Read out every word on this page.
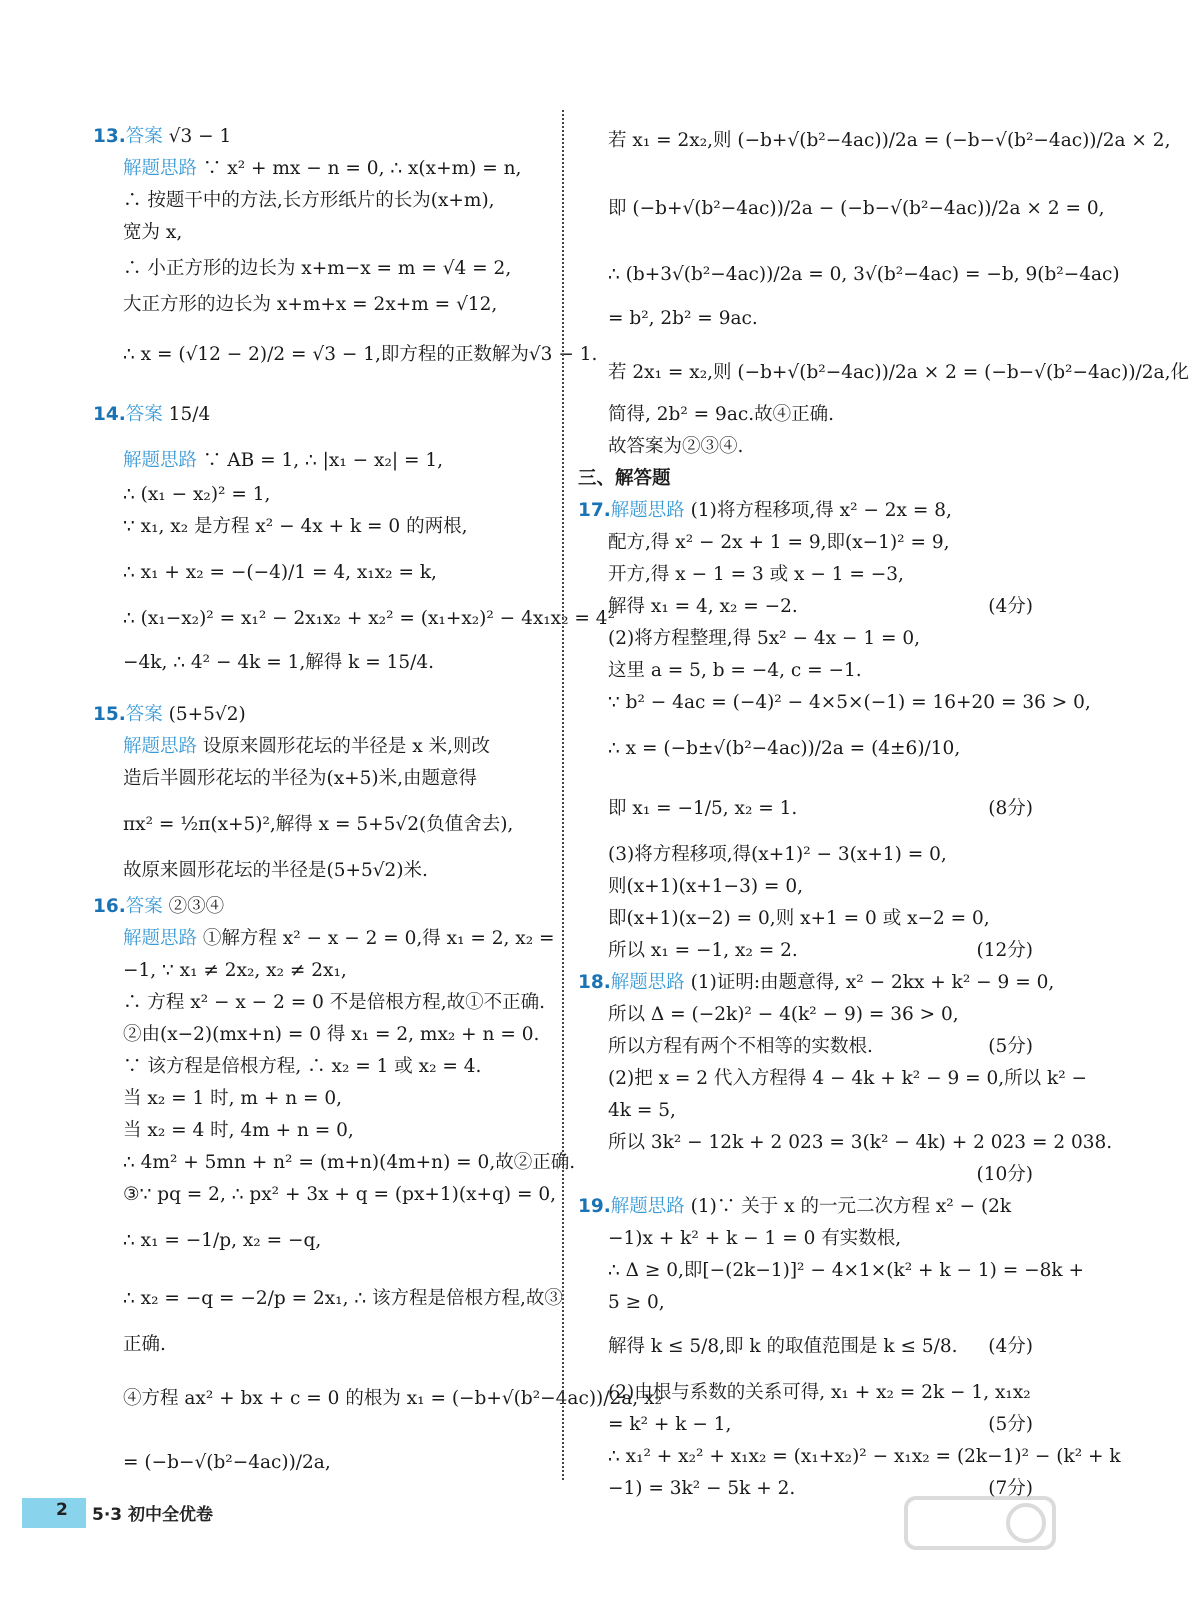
13.答案 √3 − 1
解题思路 ∵ x² + mx − n = 0, ∴ x(x+m) = n,
∴ 按题干中的方法,长方形纸片的长为(x+m),
宽为 x,
∴ 小正方形的边长为 x+m−x = m = √4 = 2,
大正方形的边长为 x+m+x = 2x+m = √12,
∴ x = (√12 − 2)/2 = √3 − 1,即方程的正数解为√3 − 1.
14.答案 15/4
解题思路 ∵ AB = 1, ∴ |x₁ − x₂| = 1,
∴ (x₁ − x₂)² = 1,
∵ x₁, x₂ 是方程 x² − 4x + k = 0 的两根,
∴ x₁ + x₂ = −(−4)/1 = 4, x₁x₂ = k,
∴ (x₁−x₂)² = x₁² − 2x₁x₂ + x₂² = (x₁+x₂)² − 4x₁x₂ = 4²
−4k, ∴ 4² − 4k = 1,解得 k = 15/4.
15.答案 (5+5√2)
解题思路 设原来圆形花坛的半径是 x 米,则改
造后半圆形花坛的半径为(x+5)米,由题意得
πx² = ½π(x+5)²,解得 x = 5+5√2(负值舍去),
故原来圆形花坛的半径是(5+5√2)米.
16.答案 ②③④
解题思路 ①解方程 x² − x − 2 = 0,得 x₁ = 2, x₂ =
−1, ∵ x₁ ≠ 2x₂, x₂ ≠ 2x₁,
∴ 方程 x² − x − 2 = 0 不是倍根方程,故①不正确.
②由(x−2)(mx+n) = 0 得 x₁ = 2, mx₂ + n = 0.
∵ 该方程是倍根方程, ∴ x₂ = 1 或 x₂ = 4.
当 x₂ = 1 时, m + n = 0,
当 x₂ = 4 时, 4m + n = 0,
∴ 4m² + 5mn + n² = (m+n)(4m+n) = 0,故②正确.
③∵ pq = 2, ∴ px² + 3x + q = (px+1)(x+q) = 0,
∴ x₁ = −1/p, x₂ = −q,
∴ x₂ = −q = −2/p = 2x₁, ∴ 该方程是倍根方程,故③
正确.
④方程 ax² + bx + c = 0 的根为 x₁ = (−b+√(b²−4ac))/2a, x₂
= (−b−√(b²−4ac))/2a,
若 x₁ = 2x₂,则 (−b+√(b²−4ac))/2a = (−b−√(b²−4ac))/2a × 2,
即 (−b+√(b²−4ac))/2a − (−b−√(b²−4ac))/2a × 2 = 0,
∴ (b+3√(b²−4ac))/2a = 0, 3√(b²−4ac) = −b, 9(b²−4ac)
= b², 2b² = 9ac.
若 2x₁ = x₂,则 (−b+√(b²−4ac))/2a × 2 = (−b−√(b²−4ac))/2a,化
简得, 2b² = 9ac.故④正确.
故答案为②③④.
三、解答题
17.解题思路 (1)将方程移项,得 x² − 2x = 8,
配方,得 x² − 2x + 1 = 9,即(x−1)² = 9,
开方,得 x − 1 = 3 或 x − 1 = −3,
解得 x₁ = 4, x₂ = −2.	(4分)
(2)将方程整理,得 5x² − 4x − 1 = 0,
这里 a = 5, b = −4, c = −1.
∵ b² − 4ac = (−4)² − 4×5×(−1) = 16+20 = 36 > 0,
∴ x = (−b±√(b²−4ac))/2a = (4±6)/10,
即 x₁ = −1/5, x₂ = 1.	(8分)
(3)将方程移项,得(x+1)² − 3(x+1) = 0,
则(x+1)(x+1−3) = 0,
即(x+1)(x−2) = 0,则 x+1 = 0 或 x−2 = 0,
所以 x₁ = −1, x₂ = 2.	(12分)
18.解题思路 (1)证明:由题意得, x² − 2kx + k² − 9 = 0,
所以 Δ = (−2k)² − 4(k² − 9) = 36 > 0,
所以方程有两个不相等的实数根.	(5分)
(2)把 x = 2 代入方程得 4 − 4k + k² − 9 = 0,所以 k² −
4k = 5,
所以 3k² − 12k + 2 023 = 3(k² − 4k) + 2 023 = 2 038.
(10分)
19.解题思路 (1)∵ 关于 x 的一元二次方程 x² − (2k
−1)x + k² + k − 1 = 0 有实数根,
∴ Δ ≥ 0,即[−(2k−1)]² − 4×1×(k² + k − 1) = −8k +
5 ≥ 0,
解得 k ≤ 5/8,即 k 的取值范围是 k ≤ 5/8. (4分)
(2)由根与系数的关系可得, x₁ + x₂ = 2k − 1, x₁x₂
= k² + k − 1,	(5分)
∴ x₁² + x₂² + x₁x₂ = (x₁+x₂)² − x₁x₂ = (2k−1)² − (k² + k
−1) = 3k² − 5k + 2.	(7分)
2 5·3 初中全优卷
